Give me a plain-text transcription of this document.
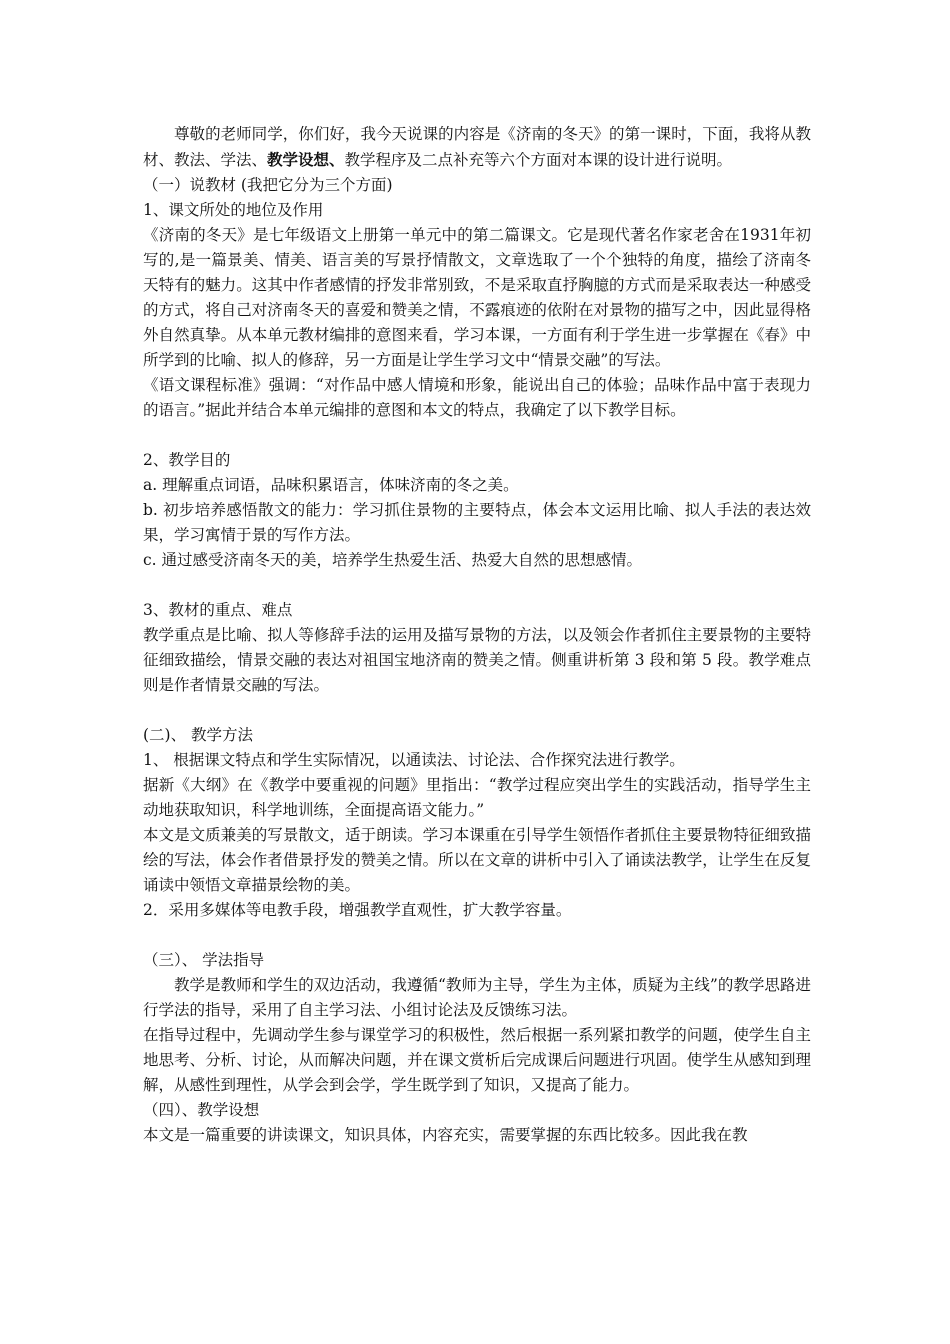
尊敬的老师同学，你们好，我今天说课的内容是《济南的冬天》的第一课时，下面，我将从教材、教法、学法、教学设想、教学程序及二点补充等六个方面对本课的设计进行说明。

（一）说教材 (我把它分为三个方面)

1、课文所处的地位及作用

《济南的冬天》是七年级语文上册第一单元中的第二篇课文。它是现代著名作家老舍在1931年初写的,是一篇景美、情美、语言美的写景抒情散文，文章选取了一个个独特的角度，描绘了济南冬天特有的魅力。这其中作者感情的抒发非常别致，不是采取直抒胸臆的方式而是采取表达一种感受的方式，将自己对济南冬天的喜爱和赞美之情，不露痕迹的依附在对景物的描写之中，因此显得格外自然真挚。从本单元教材编排的意图来看，学习本课，一方面有利于学生进一步掌握在《春》中所学到的比喻、拟人的修辞，另一方面是让学生学习文中“情景交融”的写法。

《语文课程标准》强调：“对作品中感人情境和形象，能说出自己的体验；品味作品中富于表现力的语言。”据此并结合本单元编排的意图和本文的特点，我确定了以下教学目标。

2、教学目的

a. 理解重点词语，品味积累语言，体味济南的冬之美。

b. 初步培养感悟散文的能力：学习抓住景物的主要特点，体会本文运用比喻、拟人手法的表达效果，学习寓情于景的写作方法。

c. 通过感受济南冬天的美，培养学生热爱生活、热爱大自然的思想感情。

3、教材的重点、难点

教学重点是比喻、拟人等修辞手法的运用及描写景物的方法，以及领会作者抓住主要景物的主要特征细致描绘，情景交融的表达对祖国宝地济南的赞美之情。侧重讲析第 3 段和第 5 段。教学难点则是作者情景交融的写法。

(二)、 教学方法

1、 根据课文特点和学生实际情况，以通读法、讨论法、合作探究法进行教学。

据新《大纲》在《教学中要重视的问题》里指出：“教学过程应突出学生的实践活动，指导学生主动地获取知识，科学地训练，全面提高语文能力。”

本文是文质兼美的写景散文，适于朗读。学习本课重在引导学生领悟作者抓住主要景物特征细致描绘的写法，体会作者借景抒发的赞美之情。所以在文章的讲析中引入了诵读法教学，让学生在反复诵读中领悟文章描景绘物的美。

2．采用多媒体等电教手段，增强教学直观性，扩大教学容量。

（三）、 学法指导

教学是教师和学生的双边活动，我遵循“教师为主导，学生为主体，质疑为主线”的教学思路进行学法的指导，采用了自主学习法、小组讨论法及反馈练习法。

在指导过程中，先调动学生参与课堂学习的积极性，然后根据一系列紧扣教学的问题，使学生自主地思考、分析、讨论，从而解决问题，并在课文赏析后完成课后问题进行巩固。使学生从感知到理解，从感性到理性，从学会到会学，学生既学到了知识，又提高了能力。

（四）、教学设想

本文是一篇重要的讲读课文，知识具体，内容充实，需要掌握的东西比较多。因此我在教
